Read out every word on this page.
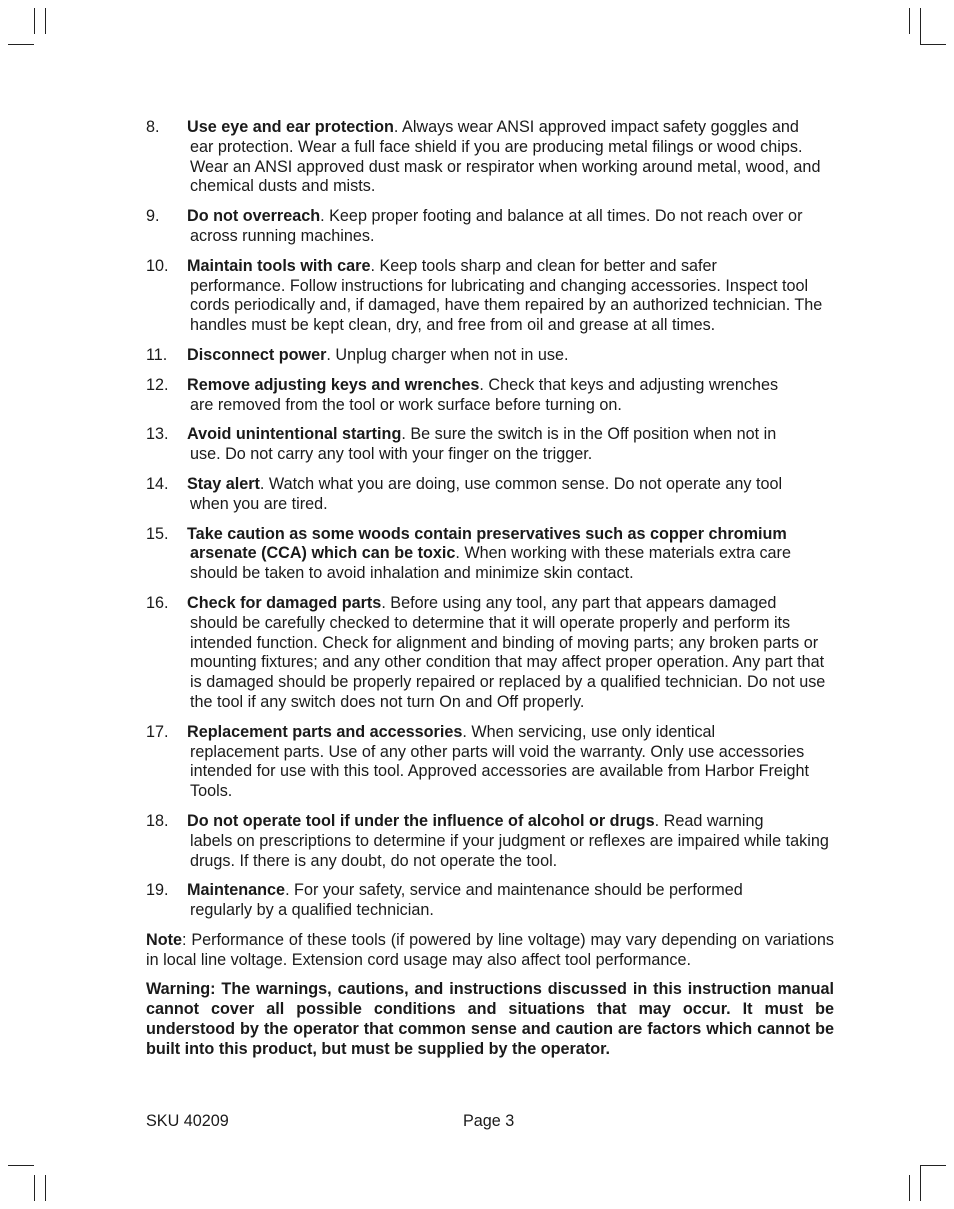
8. Use eye and ear protection. Always wear ANSI approved impact safety goggles and
ear protection. Wear a full face shield if you are producing metal filings or wood chips. Wear an ANSI approved dust mask or respirator when working around metal, wood, and chemical dusts and mists.
9. Do not overreach. Keep proper footing and balance at all times. Do not reach over or
across running machines.
10. Maintain tools with care. Keep tools sharp and clean for better and safer
performance. Follow instructions for lubricating and changing accessories. Inspect tool cords periodically and, if damaged, have them repaired by an authorized technician. The handles must be kept clean, dry, and free from oil and grease at all times.
11. Disconnect power. Unplug charger when not in use.
12. Remove adjusting keys and wrenches. Check that keys and adjusting wrenches
are removed from the tool or work surface before turning on.
13. Avoid unintentional starting. Be sure the switch is in the Off position when not in
use. Do not carry any tool with your finger on the trigger.
14. Stay alert. Watch what you are doing, use common sense. Do not operate any tool
when you are tired.
15. Take caution as some woods contain preservatives such as copper chromium
arsenate (CCA) which can be toxic. When working with these materials extra care should be taken to avoid inhalation and minimize skin contact.
16. Check for damaged parts. Before using any tool, any part that appears damaged
should be carefully checked to determine that it will operate properly and perform its intended function. Check for alignment and binding of moving parts; any broken parts or mounting fixtures; and any other condition that may affect proper operation. Any part that is damaged should be properly repaired or replaced by a qualified technician. Do not use the tool if any switch does not turn On and Off properly.
17. Replacement parts and accessories. When servicing, use only identical
replacement parts. Use of any other parts will void the warranty. Only use accessories intended for use with this tool. Approved accessories are available from Harbor Freight Tools.
18. Do not operate tool if under the influence of alcohol or drugs. Read warning
labels on prescriptions to determine if your judgment or reflexes are impaired while taking drugs. If there is any doubt, do not operate the tool.
19. Maintenance. For your safety, service and maintenance should be performed
regularly by a qualified technician.
Note: Performance of these tools (if powered by line voltage) may vary depending on variations in local line voltage. Extension cord usage may also affect tool performance.
Warning: The warnings, cautions, and instructions discussed in this instruction manual cannot cover all possible conditions and situations that may occur. It must be understood by the operator that common sense and caution are factors which cannot be built into this product, but must be supplied by the operator.
SKU 40209	Page 3
